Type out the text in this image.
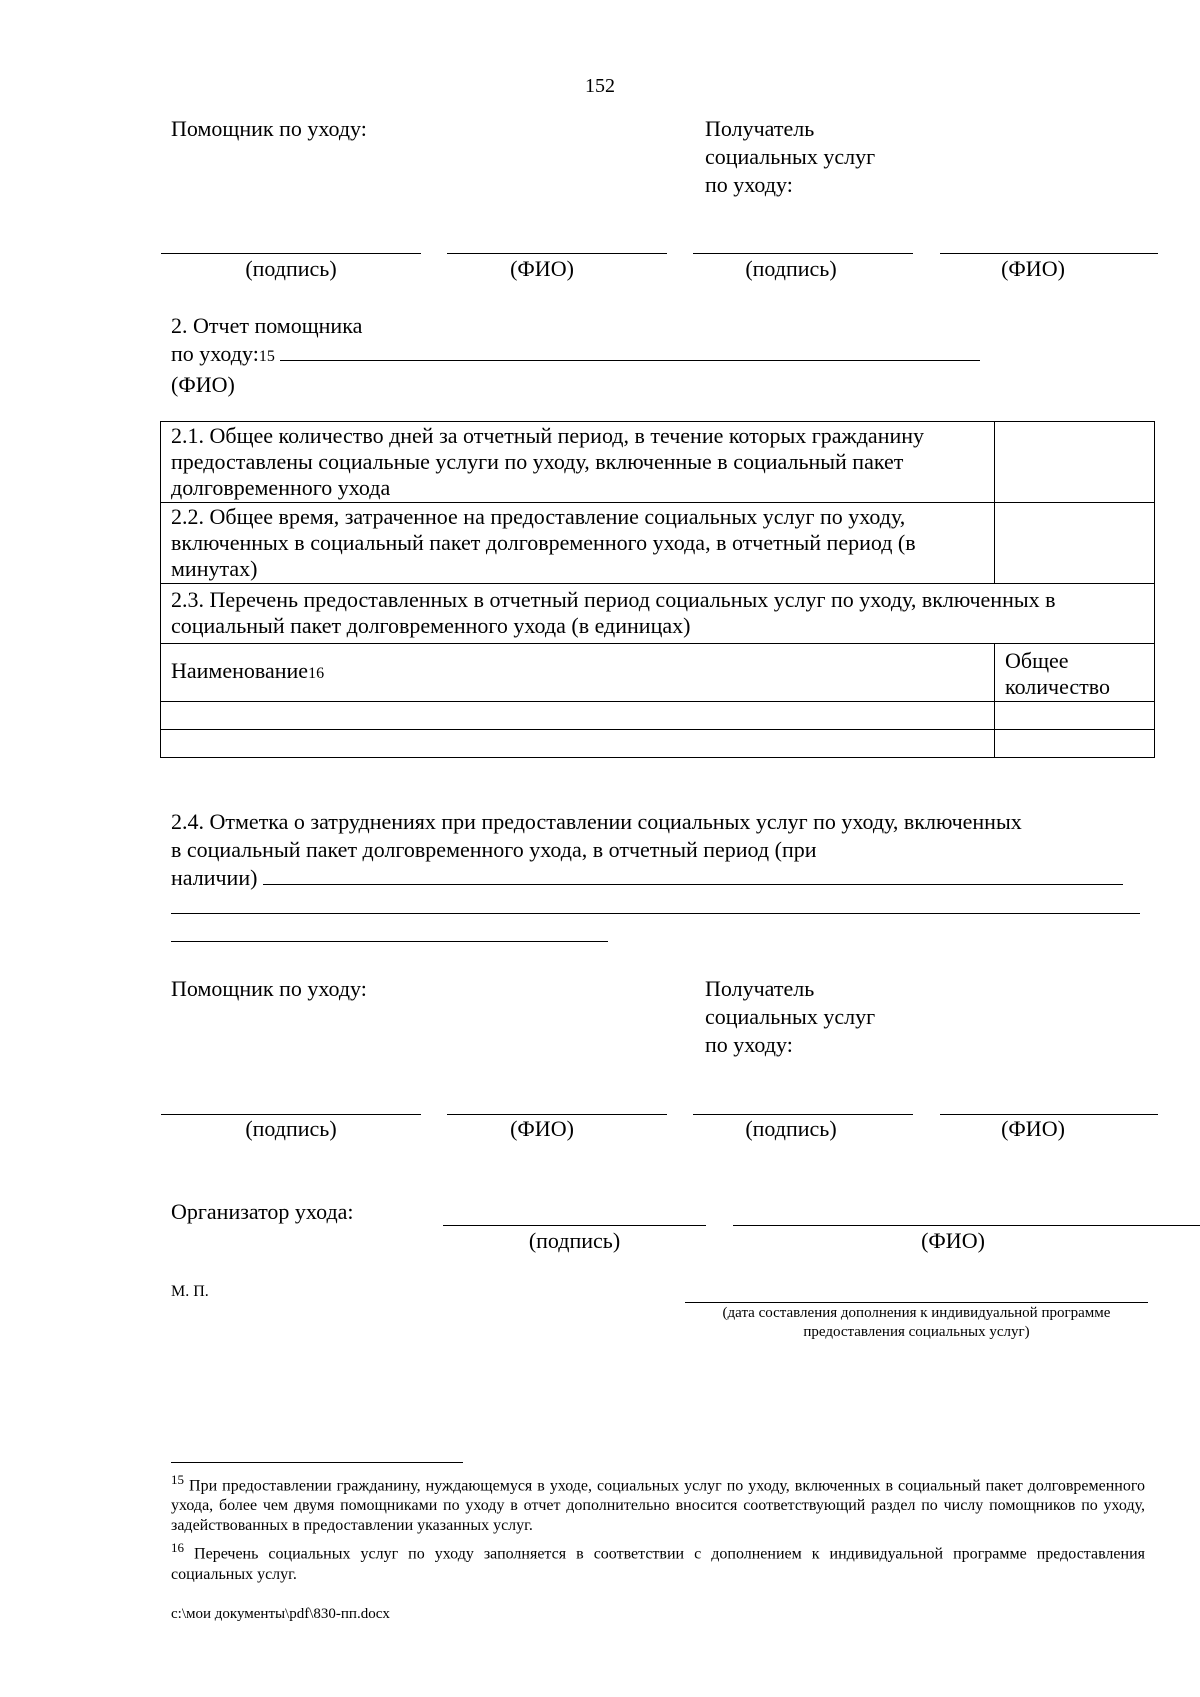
152
Помощник по уходу:	Получатель
социальных услуг
по уходу:
(подпись)	(ФИО)	(подпись)	(ФИО)
2. Отчет помощника
по уходу:15
(ФИО)
2.1. Общее количество дней за отчетный период, в течение которых гражданину предоставлены социальные услуги по уходу, включенные в социальный пакет долговременного ухода	
2.2. Общее время, затраченное на предоставление социальных услуг по уходу, включенных в социальный пакет долговременного ухода, в отчетный период (в минутах)	
2.3. Перечень предоставленных в отчетный период социальных услуг по уходу, включенных в социальный пакет долговременного ухода (в единицах)	
Наименование16	Общее количество

2.4. Отметка о затруднениях при предоставлении социальных услуг по уходу, включенных
в социальный пакет долговременного ухода, в отчетный период (при
наличии)
Помощник по уходу:	Получатель
социальных услуг
по уходу:
(подпись)	(ФИО)	(подпись)	(ФИО)
Организатор ухода:
(подпись)	(ФИО)
М. П.
(дата составления дополнения к индивидуальной программе
предоставления социальных услуг)
$^{15}$ При предоставлении гражданину, нуждающемуся в уходе, социальных услуг по уходу, включенных в социальный пакет долговременного ухода, более чем двумя помощниками по уходу в отчет дополнительно вносится соответствующий раздел по числу помощников по уходу, задействованных в предоставлении указанных услуг.
$^{16}$ Перечень социальных услуг по уходу заполняется в соответствии с дополнением к индивидуальной программе предоставления социальных услуг.
c:\мои документы\pdf\830-пп.docx
